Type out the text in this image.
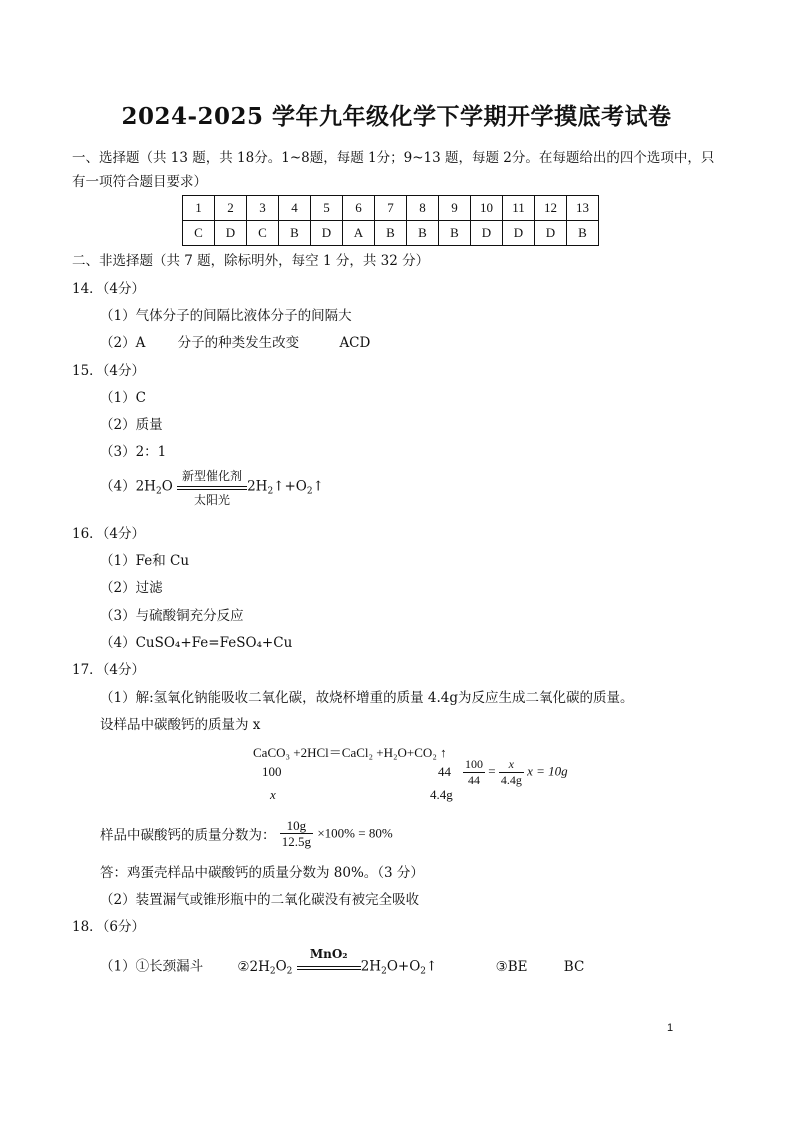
2024-2025 学年九年级化学下学期开学摸底考试卷
一、选择题（共 13 题，共 18分。1~8题，每题 1分；9~13 题，每题 2分。在每题给出的四个选项中，只
有一项符合题目要求）
1	2	3	4	5	6	7	8	9	10	11	12	13
C	D	C	B	D	A	B	B	B	D	D	D	B
二、非选择题（共 7 题，除标明外，每空 1 分，共 32 分）
14．（4分）
（1）气体分子的间隔比液体分子的间隔大
（2）A 分子的种类发生改变	ACD
15．（4分）
（1）C
（2）质量
（3）2：1
$(4)2H_2O$
新型催化剂
太阳光
$2H_2↑+O_2↑$
16．（4分）
（1）Fe和 Cu
（2）过滤
（3）与硫酸铜充分反应
（4）CuSO₄+Fe=FeSO₄+Cu
17．（4分）
（1）解:氢氧化钠能吸收二氧化碳，故烧杯增重的质量 4.4g为反应生成二氧化碳的质量。
设样品中碳酸钙的质量为 x
CaCO₃ +2HCl＝CaCl₂ +H₂O+CO₂ ↑
100	44
x	4.4g
$\frac{100}{44} = \frac{x}{4.4g}$ x = 10g
样品中碳酸钙的质量分数为： $\frac{10g}{12.5g} \times 100\% = 80\%$
答：鸡蛋壳样品中碳酸钙的质量分数为 80%。（3 分）
（2）装置漏气或锥形瓶中的二氧化碳没有被完全吸收
18．（6分）
（1）①长颈漏斗	$②2H_2O_2$
MnO₂
$2H_2O+O_2↑$	③BE	BC
1
